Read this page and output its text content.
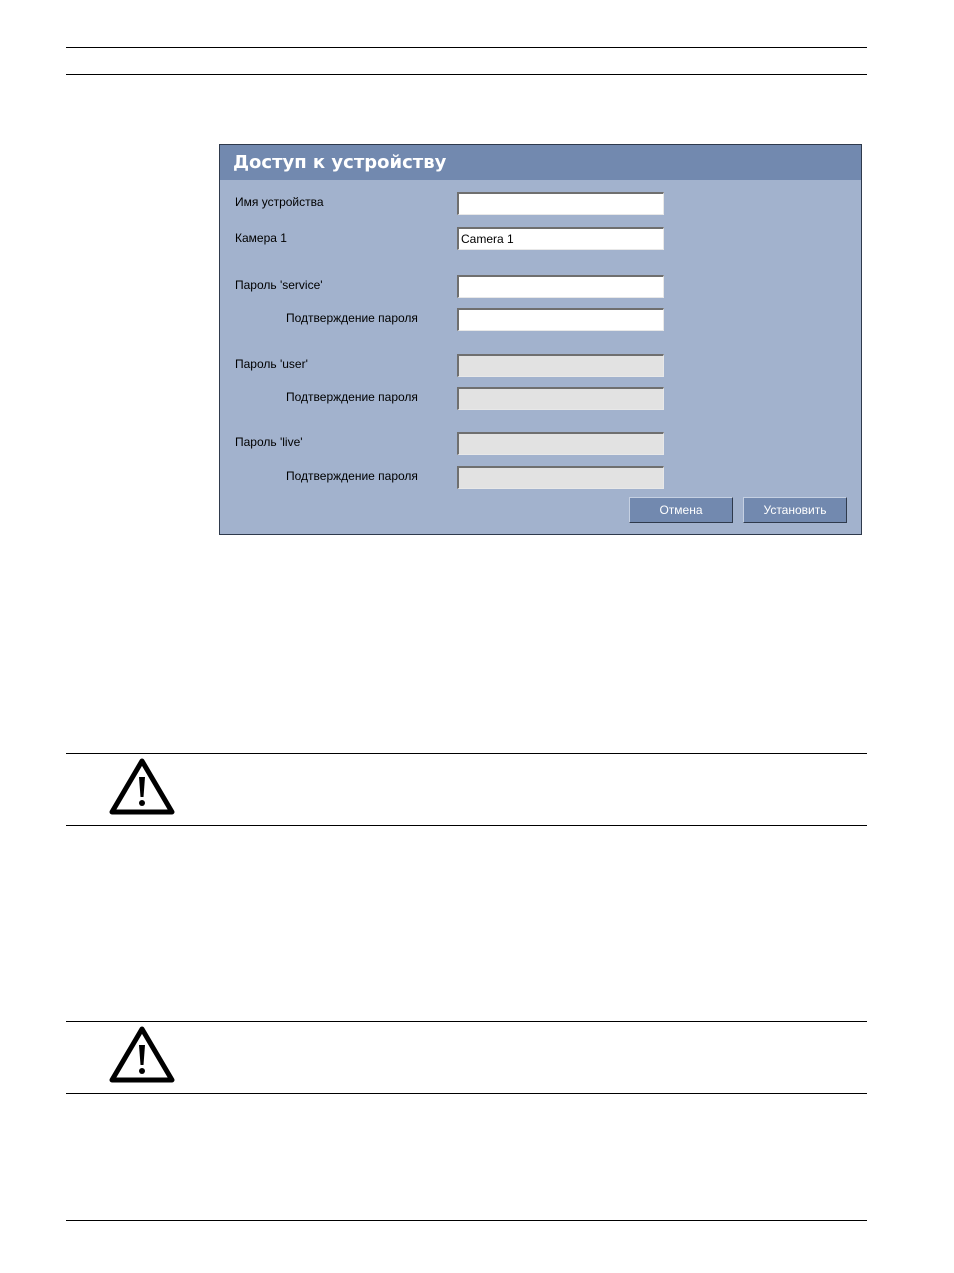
Доступ к устройству
Имя устройства
Камера 1
Camera 1
Пароль 'service'
Подтверждение пароля
Пароль 'user'
Подтверждение пароля
Пароль 'live'
Подтверждение пароля
Отмена	Установить
